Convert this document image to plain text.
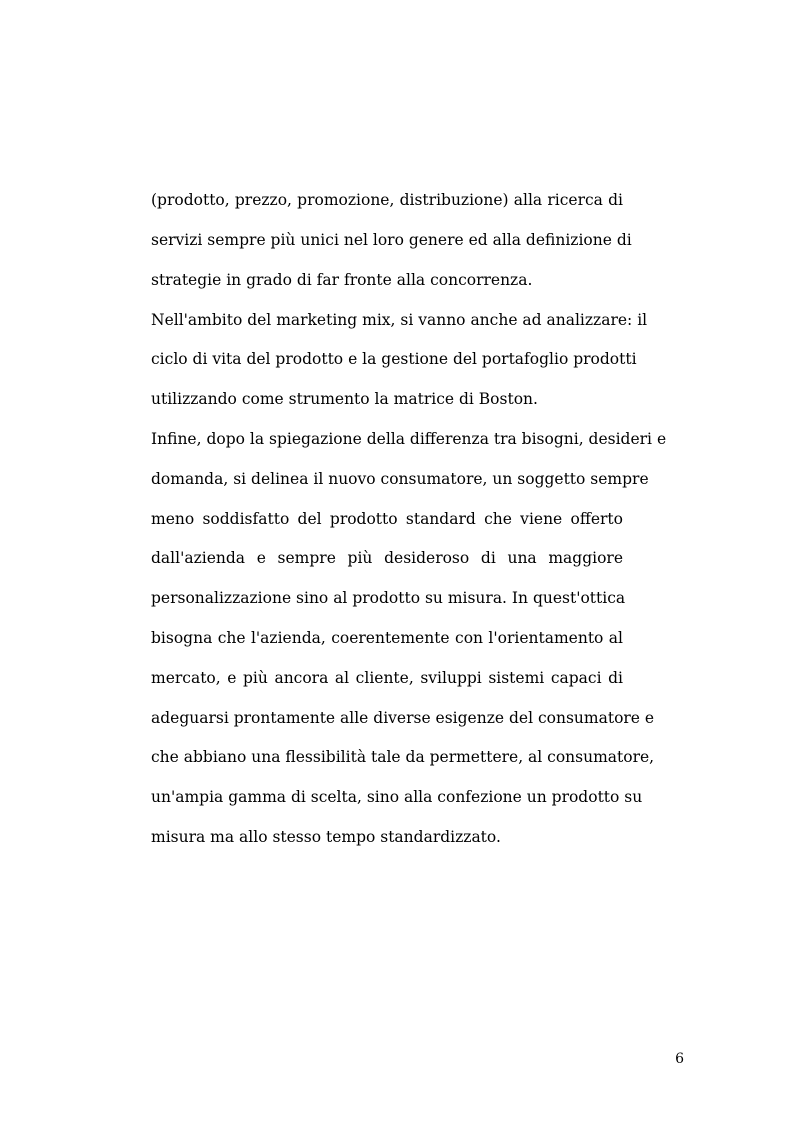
(prodotto, prezzo, promozione, distribuzione) alla ricerca di
servizi sempre più unici nel loro genere ed alla definizione di
strategie in grado di far fronte alla concorrenza.
Nell'ambito del marketing mix, si vanno anche ad analizzare: il
ciclo di vita del prodotto e la gestione del portafoglio prodotti
utilizzando come strumento la matrice di Boston.
Infine, dopo la spiegazione della differenza tra bisogni, desideri e
domanda, si delinea il nuovo consumatore, un soggetto sempre
meno soddisfatto del prodotto standard che viene offerto
dall'azienda e sempre più desideroso di una maggiore
personalizzazione sino al prodotto su misura. In quest'ottica
bisogna che l'azienda, coerentemente con l'orientamento al
mercato, e più ancora al cliente, sviluppi sistemi capaci di
adeguarsi prontamente alle diverse esigenze del consumatore e
che abbiano una flessibilità tale da permettere, al consumatore,
un'ampia gamma di scelta, sino alla confezione un prodotto su
misura ma allo stesso tempo standardizzato.
6
